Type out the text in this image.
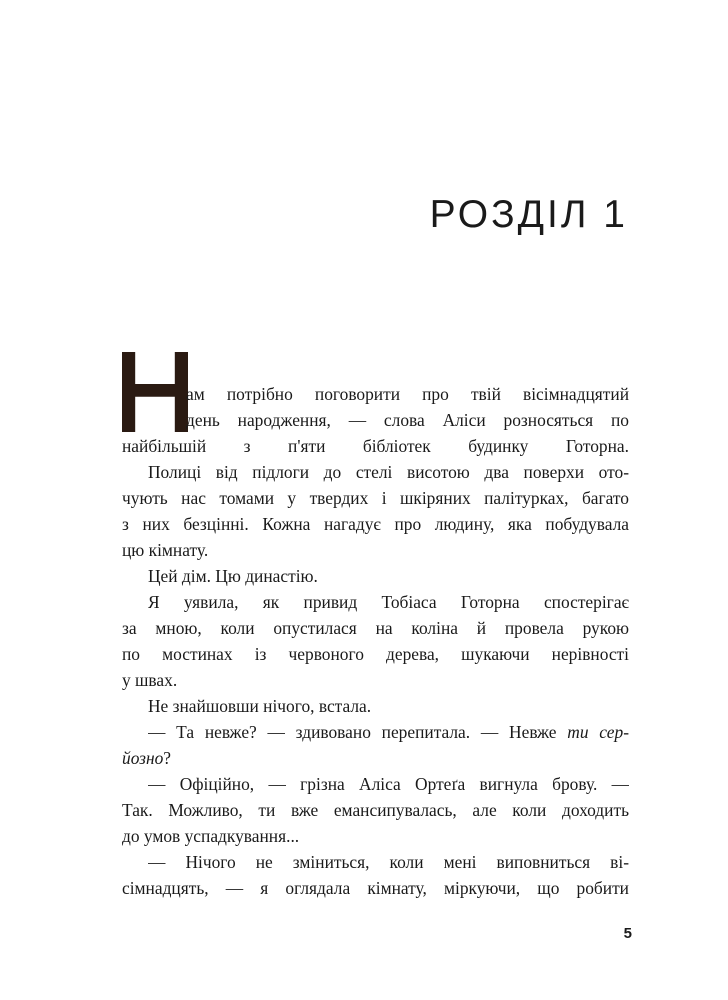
РОЗДІЛ 1
ам потрібно поговорити про твій вісімнадцятий
день народження, — слова Аліси розносяться по
найбільшій з п'яти бібліотек будинку Готорна.
Полиці від підлоги до стелі висотою два поверхи ото-
чують нас томами у твердих і шкіряних палітурках, багато
з них безцінні. Кожна нагадує про людину, яка побудувала
цю кімнату.
Цей дім. Цю династію.
Я уявила, як привид Тобіаса Готорна спостерігає
за мною, коли опустилася на коліна й провела рукою
по мостинах із червоного дерева, шукаючи нерівності
у швах.
Не знайшовши нічого, встала.
— Та невже? — здивовано перепитала. — Невже ти сер-
йозно?
— Офіційно, — грізна Аліса Ортеґа вигнула брову. —
Так. Можливо, ти вже емансипувалась, але коли доходить
до умов успадкування...
— Нічого не зміниться, коли мені виповниться ві-
сімнадцять, — я оглядала кімнату, міркуючи, що робити
5
